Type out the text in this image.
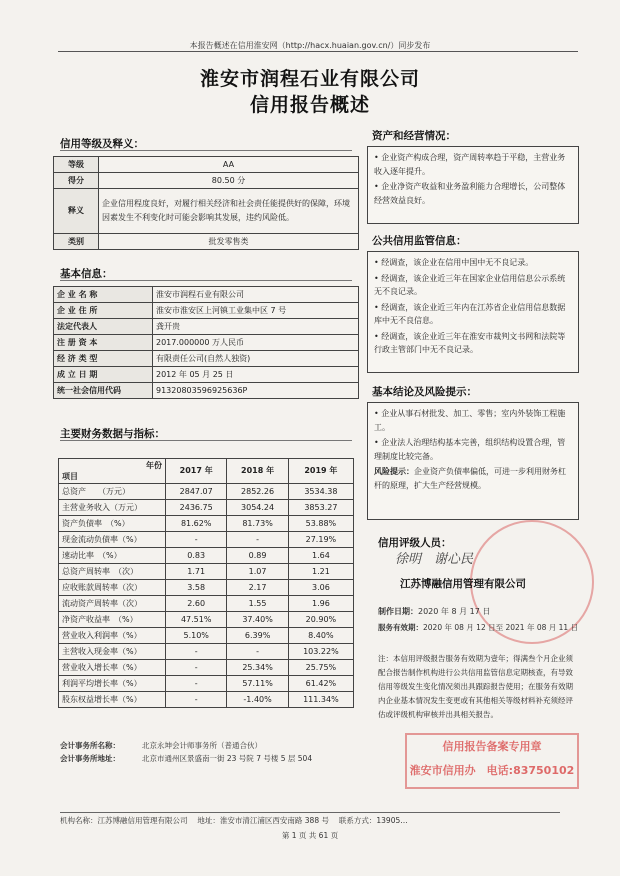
本报告概述在信用淮安网（http://hacx.huaian.gov.cn/）同步发布
淮安市润程石业有限公司
信用报告概述
信用等级及释义：
等级	AA
得分	80.50 分
释义	企业信用程度良好，对履行相关经济和社会责任能提供好的保障，环境因素发生不利变化时可能会影响其发展，违约风险低。
类别	批发零售类
基本信息：
企 业 名 称	淮安市润程石业有限公司
企 业 住 所	淮安市淮安区上河镇工业集中区 7 号
法定代表人	龚开贵
注 册 资 本	2017.000000 万人民币
经 济 类 型	有限责任公司(自然人独资)
成 立 日 期	2012 年 05 月 25 日
统一社会信用代码	91320803596925636P
主要财务数据与指标：
年份
项目	2017 年	2018 年	2019 年
总资产　　（万元）	2847.07	2852.26	3534.38
主营业务收入（万元）	2436.75	3054.24	3853.27
资产负债率　（%）	81.62%	81.73%	53.88%
现金流动负债率（%）	-	-	27.19%
速动比率　（%）	0.83	0.89	1.64
总资产周转率　（次）	1.71	1.07	1.21
应收账款周转率（次）	3.58	2.17	3.06
流动资产周转率（次）	2.60	1.55	1.96
净资产收益率　（%）	47.51%	37.40%	20.90%
营业收入利润率（%）	5.10%	6.39%	8.40%
主营收入现金率（%）	-	-	103.22%
营业收入增长率（%）	-	25.34%	25.75%
利润平均增长率（%）	-	57.11%	61.42%
股东权益增长率（%）	-	-1.40%	111.34%
会计事务所名称：	北京永坤会计师事务所（普通合伙）
会计事务所地址：	北京市通州区景盛南一街 23 号院 7 号楼 5 层 504
资产和经营情况：

• 企业资产构成合理，资产周转率趋于平稳，主营业务收入逐年提升。

• 企业净资产收益和业务盈利能力合理增长，公司整体经营效益良好。

公共信用监管信息：

• 经调查，该企业在信用中国中无不良记录。

• 经调查，该企业近三年在国家企业信用信息公示系统无不良记录。

• 经调查，该企业近三年内在江苏省企业信用信息数据库中无不良信息。

• 经调查，该企业近三年在淮安市裁判文书网和法院等行政主管部门中无不良记录。

基本结论及风险提示：

• 企业从事石材批发、加工、零售；室内外装饰工程施工。

• 企业法人治理结构基本完善，组织结构设置合理，管理制度比较完备。

风险提示：企业资产负债率偏低，可进一步利用财务杠杆的原理，扩大生产经营规模。

信用评级人员：
徐明　谢心民
江苏博融信用管理有限公司
制作日期：2020 年 8 月 17 日
服务有效期：2020 年 08 月 12 日至 2021 年 08 月 11 日
注：本信用评级报告服务有效期为壹年；得满叁个月企业须配合报告制作机构进行公共信用监管信息定期核查，有导致信用等级发生变化情况须出具跟踪报告使用；在服务有效期内企业基本情况发生变更或有其他相关等级材料补充须经评估或评级机构审核并出具相关报告。
信用报告备案专用章
淮安市信用办　电话:83750102
机构名称：江苏博融信用管理有限公司　 地址：淮安市清江浦区西安南路 388 号　 联系方式：13905…
第 1 页 共 61 页
